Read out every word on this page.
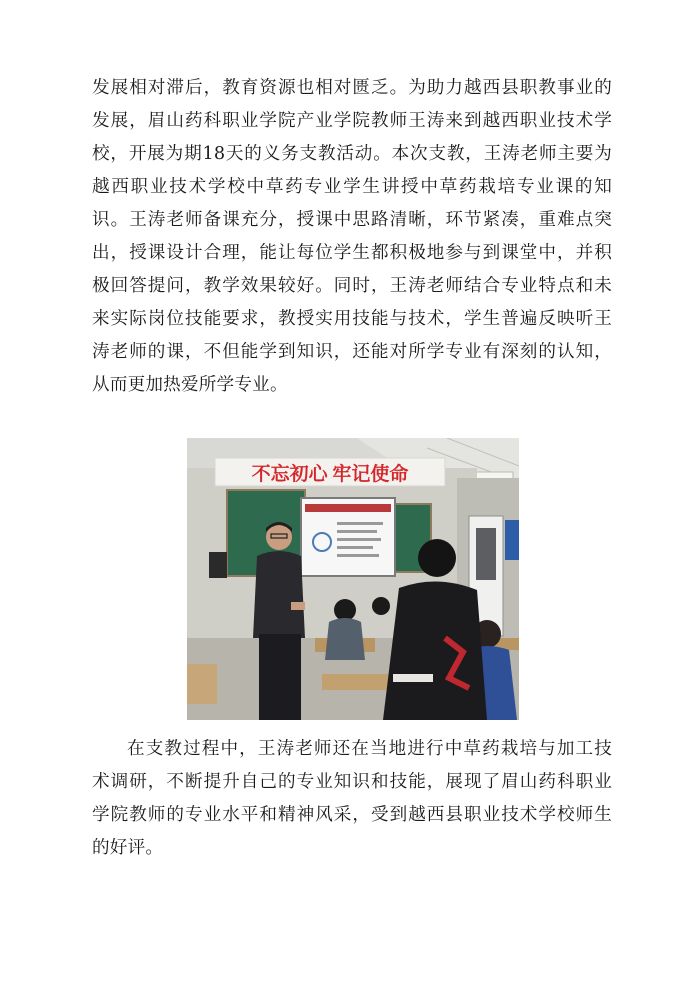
发展相对滞后，教育资源也相对匮乏。为助力越西县职教事业的
发展，眉山药科职业学院产业学院教师王涛来到越西职业技术学
校，开展为期18天的义务支教活动。本次支教，王涛老师主要为
越西职业技术学校中草药专业学生讲授中草药栽培专业课的知
识。王涛老师备课充分，授课中思路清晰，环节紧凑，重难点突
出，授课设计合理，能让每位学生都积极地参与到课堂中，并积
极回答提问，教学效果较好。同时，王涛老师结合专业特点和未
来实际岗位技能要求，教授实用技能与技术，学生普遍反映听王
涛老师的课，不但能学到知识，还能对所学专业有深刻的认知，
从而更加热爱所学专业。
不忘初心 牢记使命
在支教过程中，王涛老师还在当地进行中草药栽培与加工技
术调研，不断提升自己的专业知识和技能，展现了眉山药科职业
学院教师的专业水平和精神风采，受到越西县职业技术学校师生
的好评。
